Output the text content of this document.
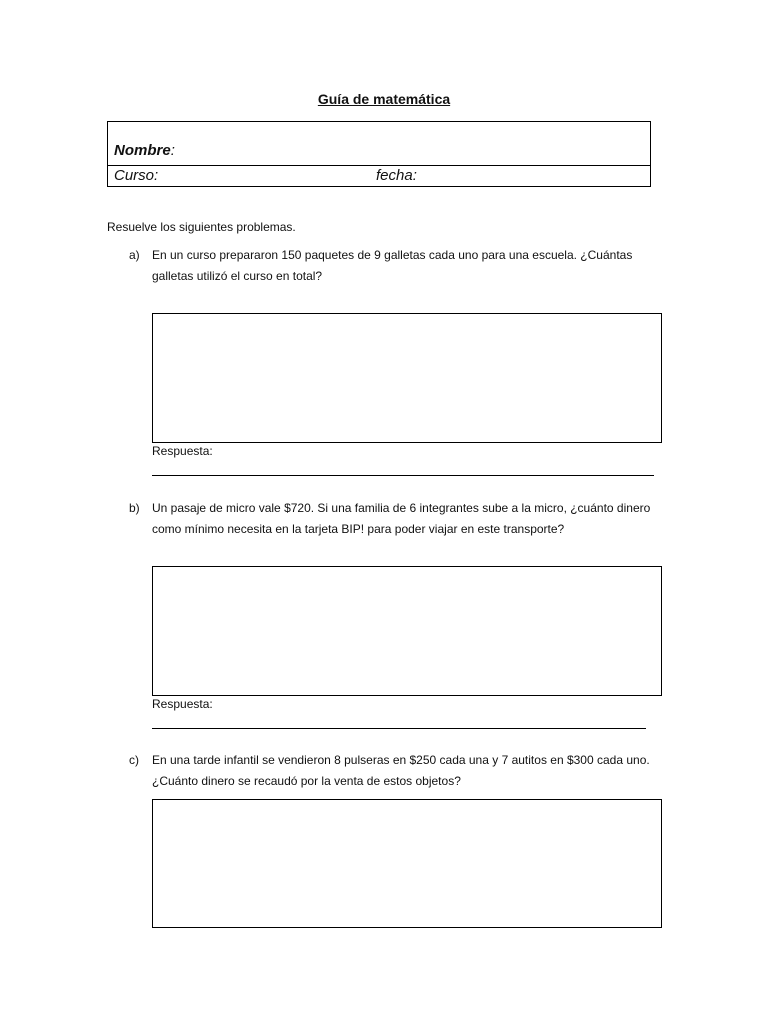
Guía de matemática
Nombre:
Curso:	fecha:
Resuelve los siguientes problemas.
a) En un curso prepararon 150 paquetes de 9 galletas cada uno para una escuela. ¿Cuántas galletas utilizó el curso en total?
Respuesta:
b) Un pasaje de micro vale $720. Si una familia de 6 integrantes sube a la micro, ¿cuánto dinero como mínimo necesita en la tarjeta BIP! para poder viajar en este transporte?
Respuesta:
c) En una tarde infantil se vendieron 8 pulseras en $250 cada una y 7 autitos en $300 cada uno. ¿Cuánto dinero se recaudó por la venta de estos objetos?
